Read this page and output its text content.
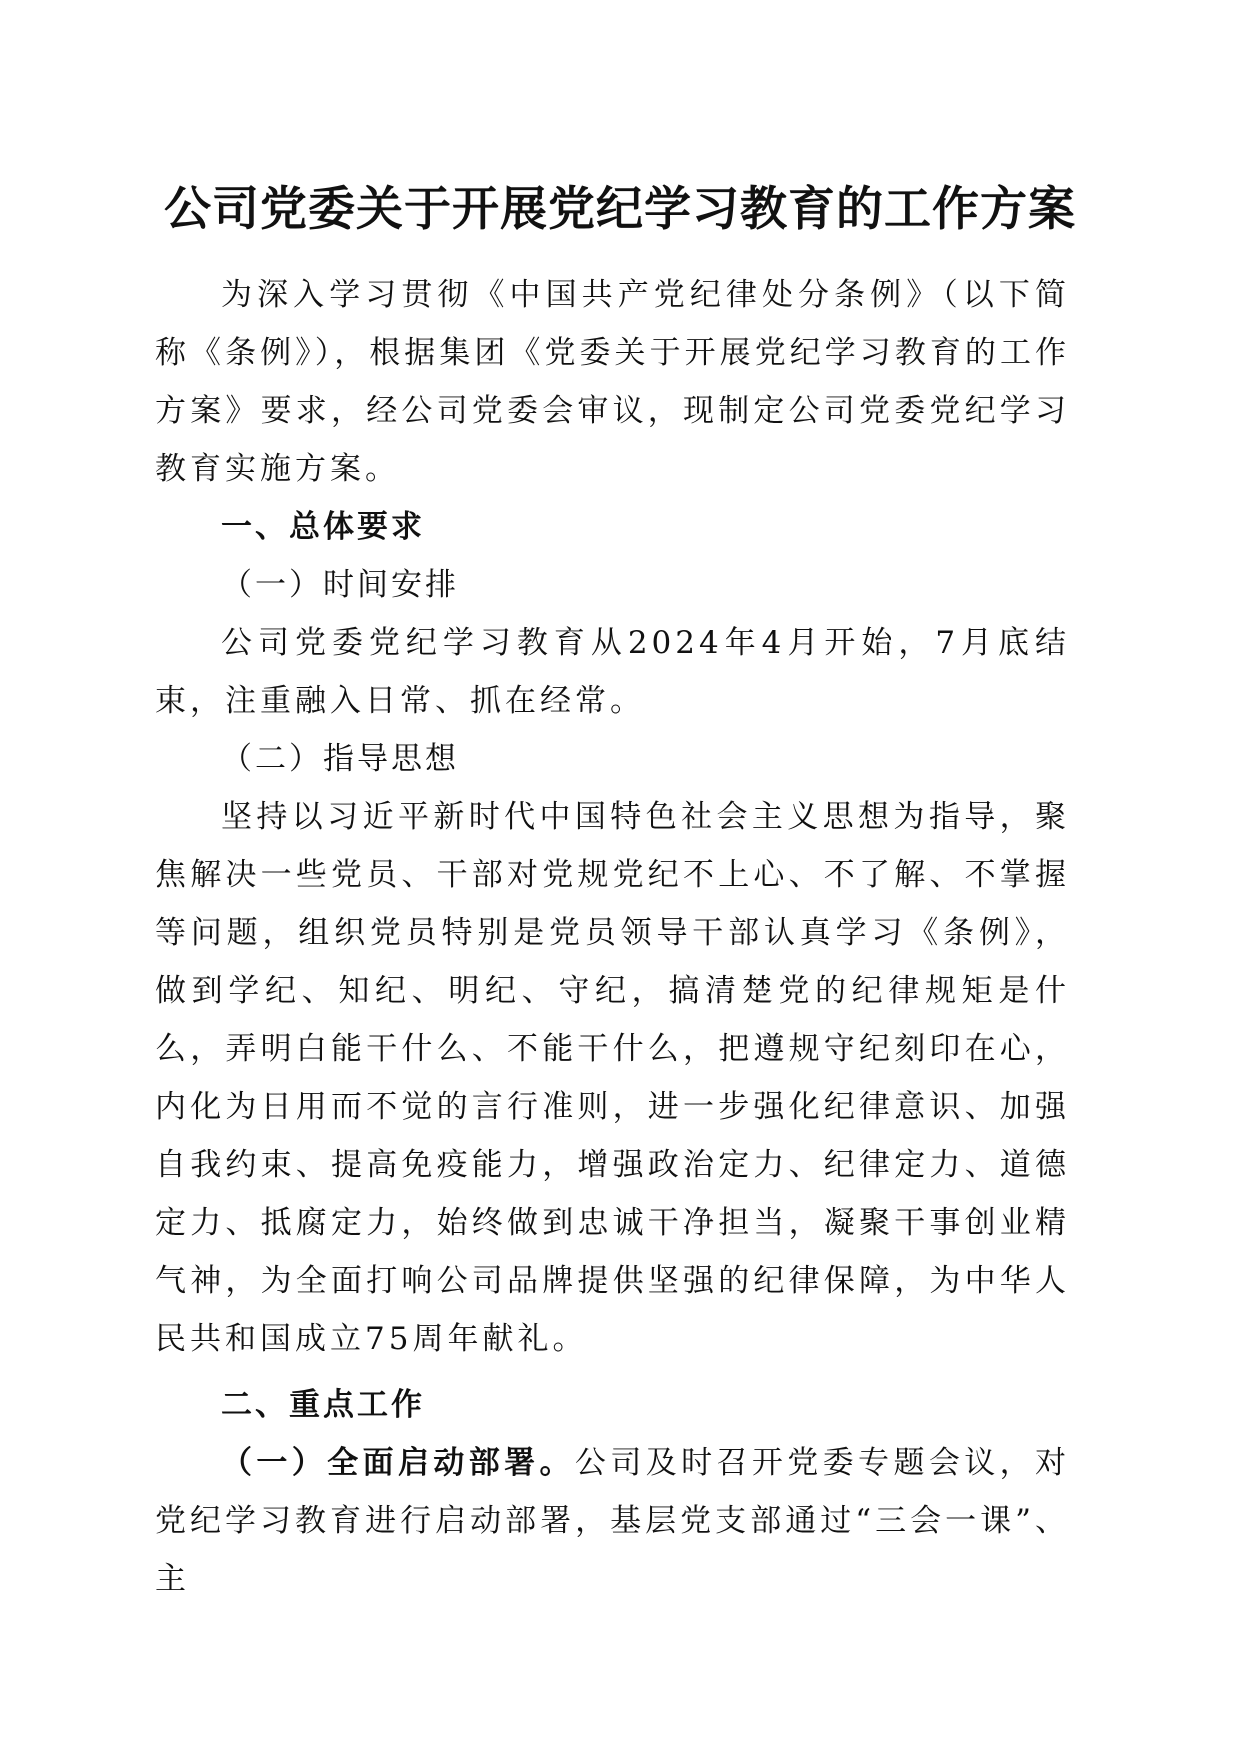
公司党委关于开展党纪学习教育的工作方案

为深入学习贯彻《中国共产党纪律处分条例》（以下简称《条例》），根据集团《党委关于开展党纪学习教育的工作方案》要求，经公司党委会审议，现制定公司党委党纪学习教育实施方案。

一、总体要求

（一）时间安排

公司党委党纪学习教育从2024年4月开始，7月底结束，注重融入日常、抓在经常。

（二）指导思想

坚持以习近平新时代中国特色社会主义思想为指导，聚焦解决一些党员、干部对党规党纪不上心、不了解、不掌握等问题，组织党员特别是党员领导干部认真学习《条例》，做到学纪、知纪、明纪、守纪，搞清楚党的纪律规矩是什么，弄明白能干什么、不能干什么，把遵规守纪刻印在心，内化为日用而不觉的言行准则，进一步强化纪律意识、加强自我约束、提高免疫能力，增强政治定力、纪律定力、道德定力、抵腐定力，始终做到忠诚干净担当，凝聚干事创业精气神，为全面打响公司品牌提供坚强的纪律保障，为中华人民共和国成立75周年献礼。

二、重点工作

（一）全面启动部署。公司及时召开党委专题会议，对党纪学习教育进行启动部署，基层党支部通过“三会一课”、主
